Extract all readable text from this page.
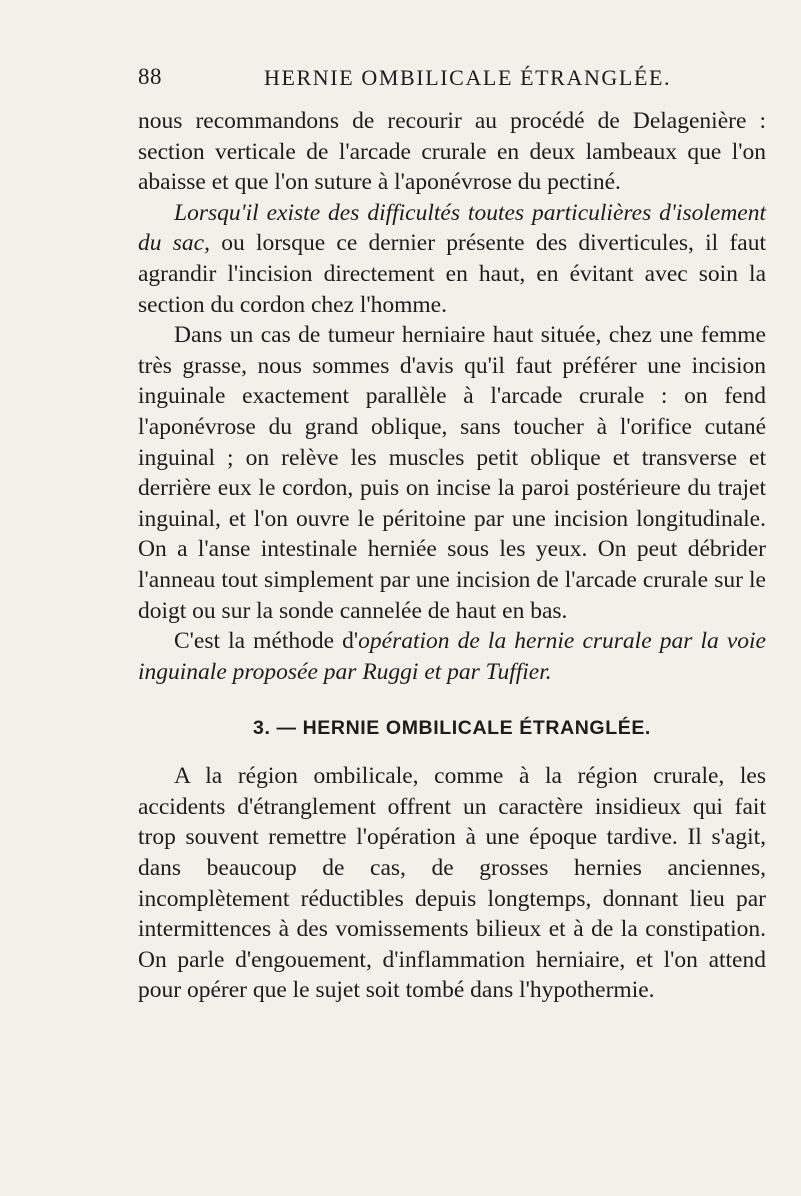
88	HERNIE OMBILICALE ÉTRANGLÉE.

nous recommandons de recourir au procédé de Delagenière : section verticale de l'arcade crurale en deux lambeaux que l'on abaisse et que l'on suture à l'aponévrose du pectiné.

Lorsqu'il existe des difficultés toutes particulières d'isolement du sac, ou lorsque ce dernier présente des diverticules, il faut agrandir l'incision directement en haut, en évitant avec soin la section du cordon chez l'homme.

Dans un cas de tumeur herniaire haut située, chez une femme très grasse, nous sommes d'avis qu'il faut préférer une incision inguinale exactement parallèle à l'arcade crurale : on fend l'aponévrose du grand oblique, sans toucher à l'orifice cutané inguinal ; on relève les muscles petit oblique et transverse et derrière eux le cordon, puis on incise la paroi postérieure du trajet inguinal, et l'on ouvre le péritoine par une incision longitudinale. On a l'anse intestinale herniée sous les yeux. On peut débrider l'anneau tout simplement par une incision de l'arcade crurale sur le doigt ou sur la sonde cannelée de haut en bas.

C'est la méthode d'opération de la hernie crurale par la voie inguinale proposée par Ruggi et par Tuffier.

3. — HERNIE OMBILICALE ÉTRANGLÉE.

A la région ombilicale, comme à la région crurale, les accidents d'étranglement offrent un caractère insidieux qui fait trop souvent remettre l'opération à une époque tardive. Il s'agit, dans beaucoup de cas, de grosses hernies anciennes, incomplètement réductibles depuis longtemps, donnant lieu par intermittences à des vomissements bilieux et à de la constipation. On parle d'engouement, d'inflammation herniaire, et l'on attend pour opérer que le sujet soit tombé dans l'hypothermie.
